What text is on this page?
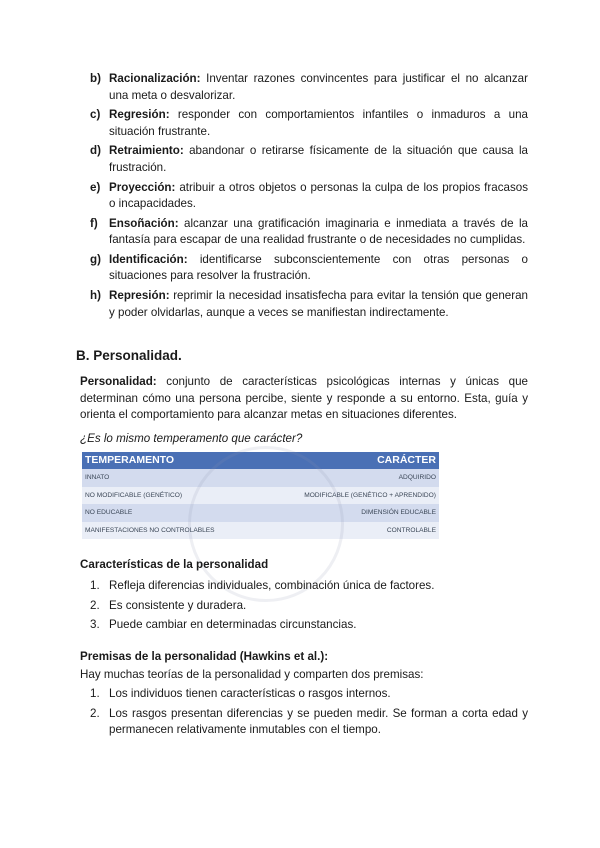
b) Racionalización: Inventar razones convincentes para justificar el no alcanzar una meta o desvalorizar.
c) Regresión: responder con comportamientos infantiles o inmaduros a una situación frustrante.
d) Retraimiento: abandonar o retirarse físicamente de la situación que causa la frustración.
e) Proyección: atribuir a otros objetos o personas la culpa de los propios fracasos o incapacidades.
f) Ensoñación: alcanzar una gratificación imaginaria e inmediata a través de la fantasía para escapar de una realidad frustrante o de necesidades no cumplidas.
g) Identificación: identificarse subconscientemente con otras personas o situaciones para resolver la frustración.
h) Represión: reprimir la necesidad insatisfecha para evitar la tensión que generan y poder olvidarlas, aunque a veces se manifiestan indirectamente.
B. Personalidad.
Personalidad: conjunto de características psicológicas internas y únicas que determinan cómo una persona percibe, siente y responde a su entorno. Esta, guía y orienta el comportamiento para alcanzar metas en situaciones diferentes.
¿Es lo mismo temperamento que carácter?
TEMPERAMENTO	CARÁCTER
INNATO	ADQUIRIDO
NO MODIFICABLE (GENÉTICO)	MODIFICABLE (GENÉTICO + APRENDIDO)
NO EDUCABLE	DIMENSIÓN EDUCABLE
MANIFESTACIONES NO CONTROLABLES	CONTROLABLE
Características de la personalidad
1. Refleja diferencias individuales, combinación única de factores.
2. Es consistente y duradera.
3. Puede cambiar en determinadas circunstancias.
Premisas de la personalidad (Hawkins et al.):
Hay muchas teorías de la personalidad y comparten dos premisas:
1. Los individuos tienen características o rasgos internos.
2. Los rasgos presentan diferencias y se pueden medir. Se forman a corta edad y permanecen relativamente inmutables con el tiempo.
